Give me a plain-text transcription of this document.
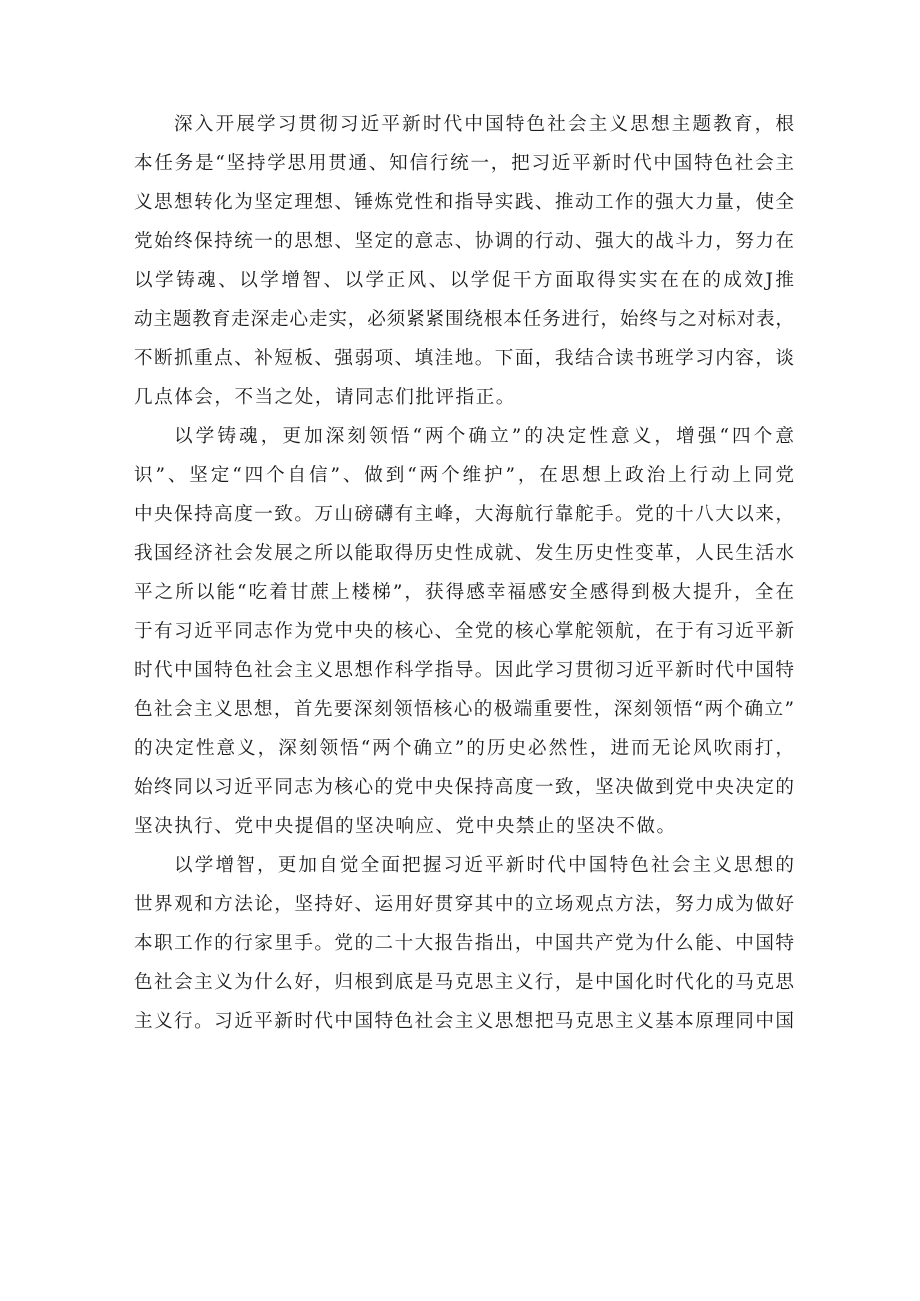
深入开展学习贯彻习近平新时代中国特色社会主义思想主题教育，根
本任务是“坚持学思用贯通、知信行统一，把习近平新时代中国特色社会主
义思想转化为坚定理想、锤炼党性和指导实践、推动工作的强大力量，使全
党始终保持统一的思想、坚定的意志、协调的行动、强大的战斗力，努力在
以学铸魂、以学增智、以学正风、以学促干方面取得实实在在的成效J推
动主题教育走深走心走实，必须紧紧围绕根本任务进行，始终与之对标对表，
不断抓重点、补短板、强弱项、填洼地。下面，我结合读书班学习内容，谈
几点体会，不当之处，请同志们批评指正。
以学铸魂，更加深刻领悟“两个确立”的决定性意义，增强“四个意
识”、坚定“四个自信”、做到“两个维护”，在思想上政治上行动上同党
中央保持高度一致。万山磅礴有主峰，大海航行靠舵手。党的十八大以来，
我国经济社会发展之所以能取得历史性成就、发生历史性变革，人民生活水
平之所以能“吃着甘蔗上楼梯”，获得感幸福感安全感得到极大提升，全在
于有习近平同志作为党中央的核心、全党的核心掌舵领航，在于有习近平新
时代中国特色社会主义思想作科学指导。因此学习贯彻习近平新时代中国特
色社会主义思想，首先要深刻领悟核心的极端重要性，深刻领悟“两个确立”
的决定性意义，深刻领悟“两个确立”的历史必然性，进而无论风吹雨打，
始终同以习近平同志为核心的党中央保持高度一致，坚决做到党中央决定的
坚决执行、党中央提倡的坚决响应、党中央禁止的坚决不做。
以学增智，更加自觉全面把握习近平新时代中国特色社会主义思想的
世界观和方法论，坚持好、运用好贯穿其中的立场观点方法，努力成为做好
本职工作的行家里手。党的二十大报告指出，中国共产党为什么能、中国特
色社会主义为什么好，归根到底是马克思主义行，是中国化时代化的马克思
主义行。习近平新时代中国特色社会主义思想把马克思主义基本原理同中国
